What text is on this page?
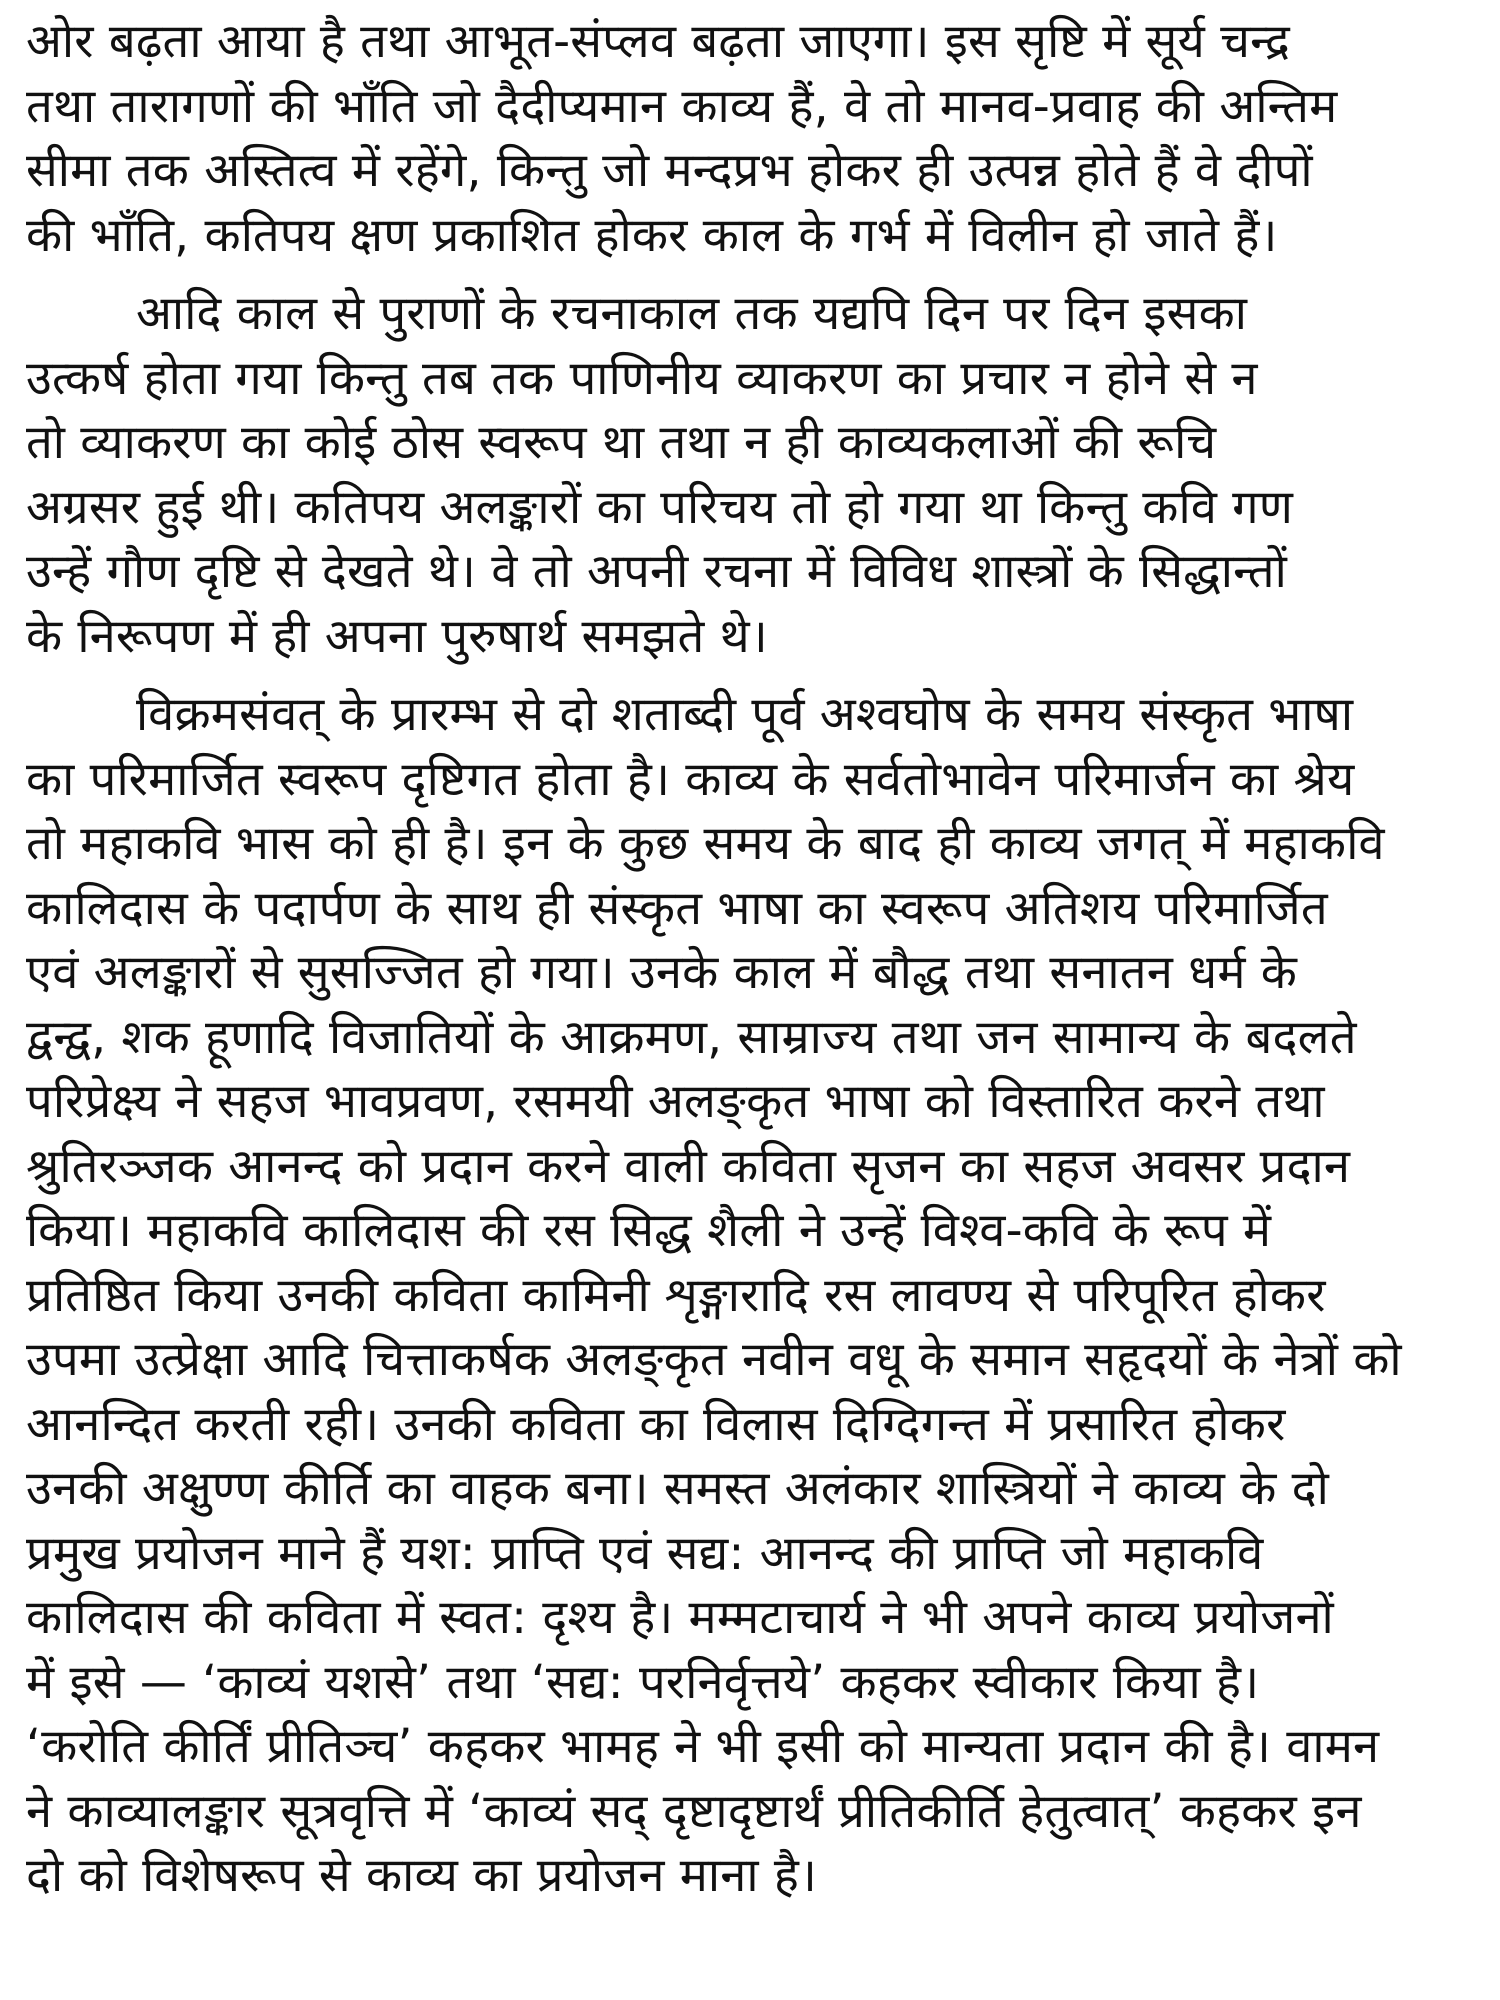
ओर बढ़ता आया है तथा आभूत-संप्लव बढ़ता जाएगा। इस सृष्टि में सूर्य चन्द्र
तथा तारागणों की भाँति जो दैदीप्यमान काव्य हैं, वे तो मानव-प्रवाह की अन्तिम
सीमा तक अस्तित्व में रहेंगे, किन्तु जो मन्दप्रभ होकर ही उत्पन्न होते हैं वे दीपों
की भाँति, कतिपय क्षण प्रकाशित होकर काल के गर्भ में विलीन हो जाते हैं।
आदि काल से पुराणों के रचनाकाल तक यद्यपि दिन पर दिन इसका
उत्कर्ष होता गया किन्तु तब तक पाणिनीय व्याकरण का प्रचार न होने से न
तो व्याकरण का कोई ठोस स्वरूप था तथा न ही काव्यकलाओं की रूचि
अग्रसर हुई थी। कतिपय अलङ्कारों का परिचय तो हो गया था किन्तु कवि गण
उन्हें गौण दृष्टि से देखते थे। वे तो अपनी रचना में विविध शास्त्रों के सिद्धान्तों
के निरूपण में ही अपना पुरुषार्थ समझते थे।
विक्रमसंवत् के प्रारम्भ से दो शताब्दी पूर्व अश्वघोष के समय संस्कृत भाषा
का परिमार्जित स्वरूप दृष्टिगत होता है। काव्य के सर्वतोभावेन परिमार्जन का श्रेय
तो महाकवि भास को ही है। इन के कुछ समय के बाद ही काव्य जगत् में महाकवि
कालिदास के पदार्पण के साथ ही संस्कृत भाषा का स्वरूप अतिशय परिमार्जित
एवं अलङ्कारों से सुसज्जित हो गया। उनके काल में बौद्ध तथा सनातन धर्म के
द्वन्द्व, शक हूणादि विजातियों के आक्रमण, साम्राज्य तथा जन सामान्य के बदलते
परिप्रेक्ष्य ने सहज भावप्रवण, रसमयी अलङ्कृत भाषा को विस्तारित करने तथा
श्रुतिरञ्जक आनन्द को प्रदान करने वाली कविता सृजन का सहज अवसर प्रदान
किया। महाकवि कालिदास की रस सिद्ध शैली ने उन्हें विश्व-कवि के रूप में
प्रतिष्ठित किया उनकी कविता कामिनी शृङ्गारादि रस लावण्य से परिपूरित होकर
उपमा उत्प्रेक्षा आदि चित्ताकर्षक अलङ्कृत नवीन वधू के समान सहृदयों के नेत्रों को
आनन्दित करती रही। उनकी कविता का विलास दिग्दिगन्त में प्रसारित होकर
उनकी अक्षुण्ण कीर्ति का वाहक बना। समस्त अलंकार शास्त्रियों ने काव्य के दो
प्रमुख प्रयोजन माने हैं यश: प्राप्ति एवं सद्य: आनन्द की प्राप्ति जो महाकवि
कालिदास की कविता में स्वत: दृश्य है। मम्मटाचार्य ने भी अपने काव्य प्रयोजनों
में इसे — ‘काव्यं यशसे’ तथा ‘सद्य: परनिर्वृत्तये’ कहकर स्वीकार किया है।
‘करोति कीर्तिं प्रीतिञ्च’ कहकर भामह ने भी इसी को मान्यता प्रदान की है। वामन
ने काव्यालङ्कार सूत्रवृत्ति में ‘काव्यं सद् दृष्टादृष्टार्थं प्रीतिकीर्ति हेतुत्वात्’ कहकर इन
दो को विशेषरूप से काव्य का प्रयोजन माना है।
